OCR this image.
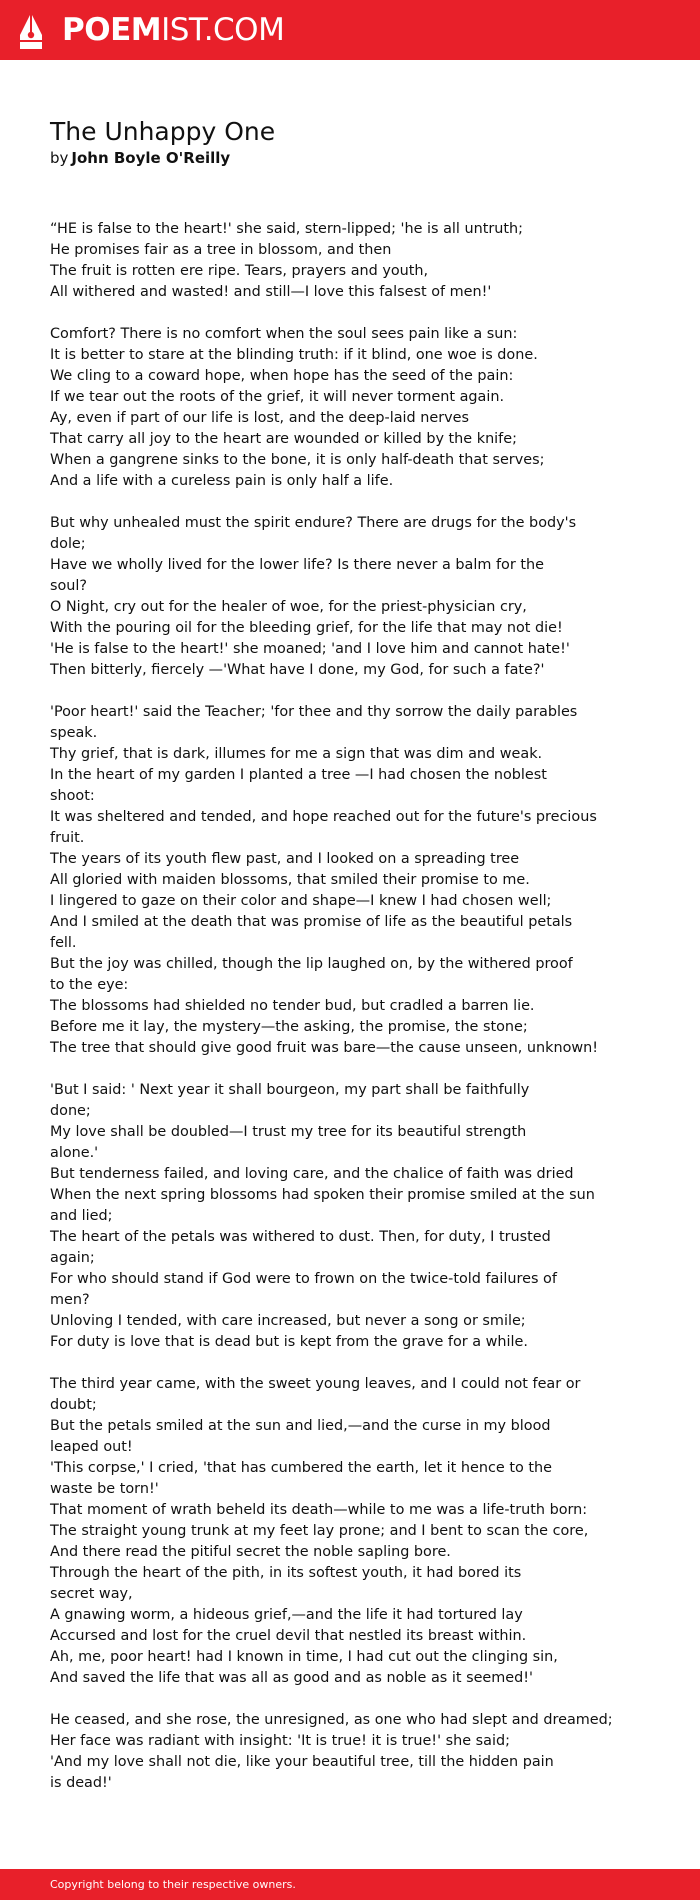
POEMIST.COM
The Unhappy One
by John Boyle O'Reilly
“HE is false to the heart!' she said, stern-lipped; 'he is all untruth;
He promises fair as a tree in blossom, and then
The fruit is rotten ere ripe. Tears, prayers and youth,
All withered and wasted! and still—I love this falsest of men!'
Comfort? There is no comfort when the soul sees pain like a sun:
It is better to stare at the blinding truth: if it blind, one woe is done.
We cling to a coward hope, when hope has the seed of the pain:
If we tear out the roots of the grief, it will never torment again.
Ay, even if part of our life is lost, and the deep-laid nerves
That carry all joy to the heart are wounded or killed by the knife;
When a gangrene sinks to the bone, it is only half-death that serves;
And a life with a cureless pain is only half a life.
But why unhealed must the spirit endure? There are drugs for the body's
dole;
Have we wholly lived for the lower life? Is there never a balm for the
soul?
O Night, cry out for the healer of woe, for the priest-physician cry,
With the pouring oil for the bleeding grief, for the life that may not die!
'He is false to the heart!' she moaned; 'and I love him and cannot hate!'
Then bitterly, fiercely —'What have I done, my God, for such a fate?'
'Poor heart!' said the Teacher; 'for thee and thy sorrow the daily parables
speak.
Thy grief, that is dark, illumes for me a sign that was dim and weak.
In the heart of my garden I planted a tree —I had chosen the noblest
shoot:
It was sheltered and tended, and hope reached out for the future's precious
fruit.
The years of its youth flew past, and I looked on a spreading tree
All gloried with maiden blossoms, that smiled their promise to me.
I lingered to gaze on their color and shape—I knew I had chosen well;
And I smiled at the death that was promise of life as the beautiful petals
fell.
But the joy was chilled, though the lip laughed on, by the withered proof
to the eye:
The blossoms had shielded no tender bud, but cradled a barren lie.
Before me it lay, the mystery—the asking, the promise, the stone;
The tree that should give good fruit was bare—the cause unseen, unknown!
'But I said: ' Next year it shall bourgeon, my part shall be faithfully
done;
My love shall be doubled—I trust my tree for its beautiful strength
alone.'
But tenderness failed, and loving care, and the chalice of faith was dried
When the next spring blossoms had spoken their promise smiled at the sun
and lied;
The heart of the petals was withered to dust. Then, for duty, I trusted
again;
For who should stand if God were to frown on the twice-told failures of
men?
Unloving I tended, with care increased, but never a song or smile;
For duty is love that is dead but is kept from the grave for a while.
The third year came, with the sweet young leaves, and I could not fear or
doubt;
But the petals smiled at the sun and lied,—and the curse in my blood
leaped out!
'This corpse,' I cried, 'that has cumbered the earth, let it hence to the
waste be torn!'
That moment of wrath beheld its death—while to me was a life-truth born:
The straight young trunk at my feet lay prone; and I bent to scan the core,
And there read the pitiful secret the noble sapling bore.
Through the heart of the pith, in its softest youth, it had bored its
secret way,
A gnawing worm, a hideous grief,—and the life it had tortured lay
Accursed and lost for the cruel devil that nestled its breast within.
Ah, me, poor heart! had I known in time, I had cut out the clinging sin,
And saved the life that was all as good and as noble as it seemed!'
He ceased, and she rose, the unresigned, as one who had slept and dreamed;
Her face was radiant with insight: 'It is true! it is true!' she said;
'And my love shall not die, like your beautiful tree, till the hidden pain
is dead!'
Copyright belong to their respective owners.
